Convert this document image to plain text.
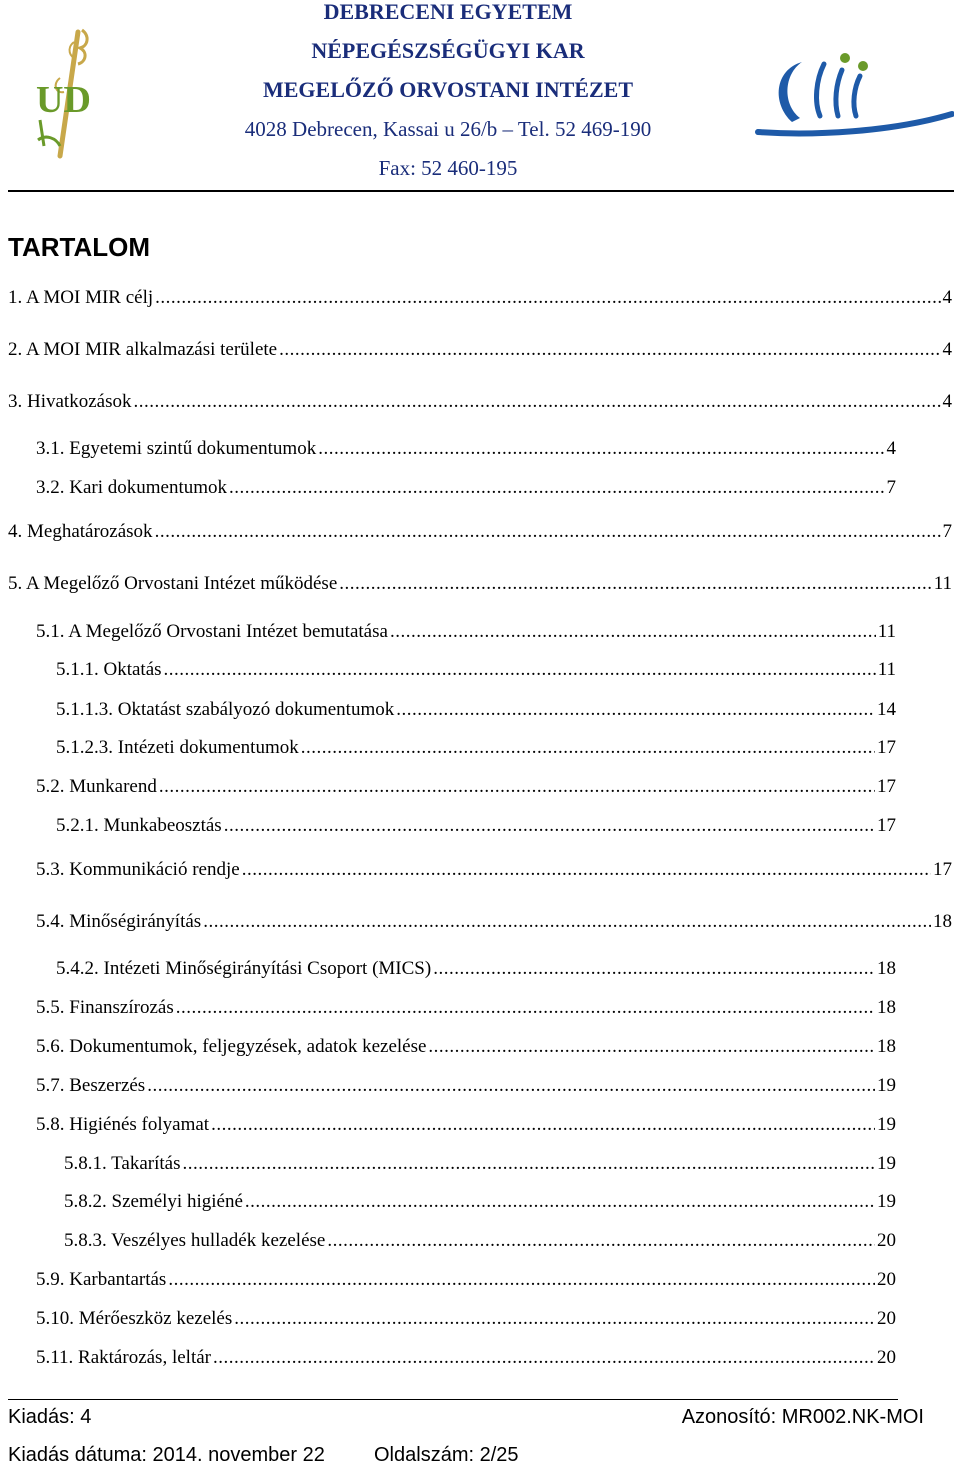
UD
DEBRECENI EGYETEM
NÉPEGÉSZSÉGÜGYI KAR
MEGELŐZŐ ORVOSTANI INTÉZET
4028 Debrecen, Kassai u 26/b – Tel. 52 469-190
Fax: 52 460-195
TARTALOM
1. A MOI MIR célj .....	4
2. A MOI MIR alkalmazási területe .....	4
3. Hivatkozások .....	4
3.1. Egyetemi szintű dokumentumok .....	4
3.2. Kari dokumentumok .....	7
4. Meghatározások .....	7
5. A Megelőző Orvostani Intézet működése .....	11
5.1. A Megelőző Orvostani Intézet bemutatása .....	11
5.1.1. Oktatás .....	11
5.1.1.3. Oktatást szabályozó dokumentumok .....	14
5.1.2.3. Intézeti dokumentumok .....	17
5.2. Munkarend .....	17
5.2.1. Munkabeosztás .....	17
5.3. Kommunikáció rendje .....	17
5.4. Minőségirányítás .....	18
5.4.2. Intézeti Minőségirányítási Csoport (MICS) .....	18
5.5. Finanszírozás .....	18
5.6. Dokumentumok, feljegyzések, adatok kezelése .....	18
5.7. Beszerzés .....	19
5.8. Higiénés folyamat .....	19
5.8.1. Takarítás .....	19
5.8.2. Személyi higiéné .....	19
5.8.3. Veszélyes hulladék kezelése .....	20
5.9. Karbantartás .....	20
5.10. Mérőeszköz kezelés .....	20
5.11. Raktározás, leltár .....	20
Kiadás: 4	Azonosító: MR002.NK-MOI
Kiadás dátuma: 2014. november 22 Oldalszám: 2/25
